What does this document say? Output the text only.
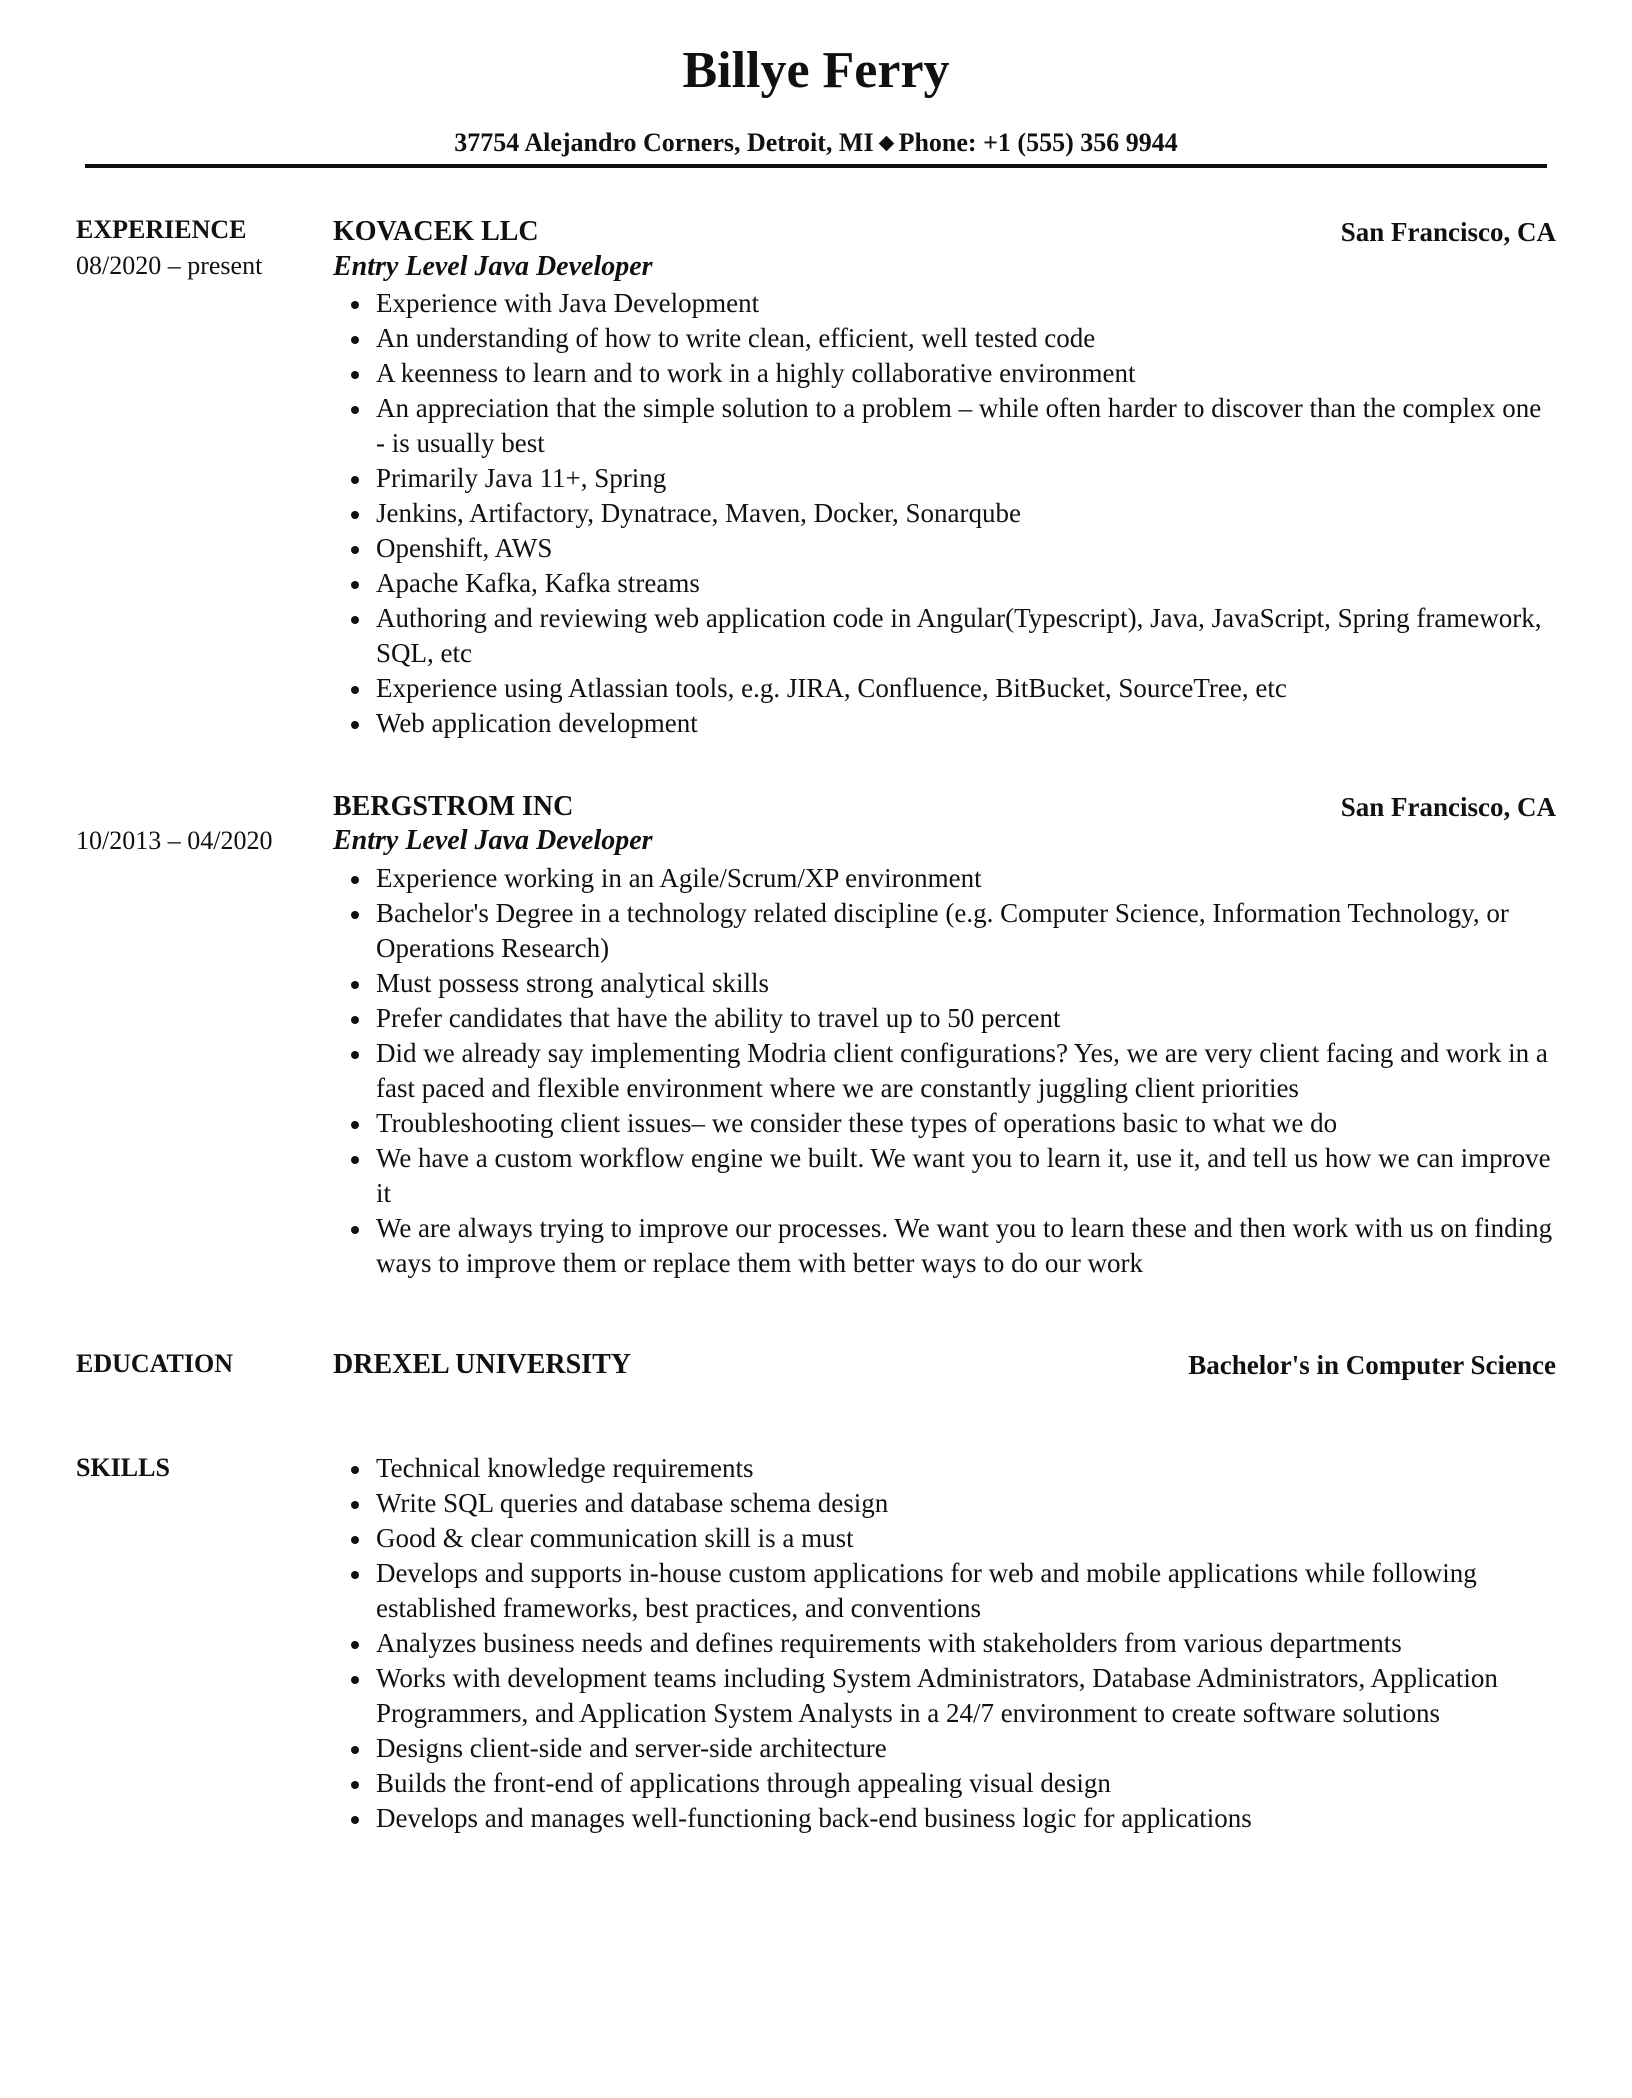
Billye Ferry
37754 Alejandro Corners, Detroit, MI Phone: +1 (555) 356 9944
EXPERIENCE
08/2020 – present
KOVACEK LLC	San Francisco, CA
Entry Level Java Developer
Experience with Java Development
An understanding of how to write clean, efficient, well tested code
A keenness to learn and to work in a highly collaborative environment
An appreciation that the simple solution to a problem – while often harder to discover than the complex one - is usually best
Primarily Java 11+, Spring
Jenkins, Artifactory, Dynatrace, Maven, Docker, Sonarqube
Openshift, AWS
Apache Kafka, Kafka streams
Authoring and reviewing web application code in Angular(Typescript), Java, JavaScript, Spring framework, SQL, etc
Experience using Atlassian tools, e.g. JIRA, Confluence, BitBucket, SourceTree, etc
Web application development
BERGSTROM INC	San Francisco, CA
10/2013 – 04/2020 Entry Level Java Developer
Experience working in an Agile/Scrum/XP environment
Bachelor's Degree in a technology related discipline (e.g. Computer Science, Information Technology, or Operations Research)
Must possess strong analytical skills
Prefer candidates that have the ability to travel up to 50 percent
Did we already say implementing Modria client configurations? Yes, we are very client facing and work in a fast paced and flexible environment where we are constantly juggling client priorities
Troubleshooting client issues– we consider these types of operations basic to what we do
We have a custom workflow engine we built. We want you to learn it, use it, and tell us how we can improve it
We are always trying to improve our processes. We want you to learn these and then work with us on finding ways to improve them or replace them with better ways to do our work
EDUCATION	DREXEL UNIVERSITY	Bachelor's in Computer Science
SKILLS	Technical knowledge requirements
Write SQL queries and database schema design
Good & clear communication skill is a must
Develops and supports in-house custom applications for web and mobile applications while following established frameworks, best practices, and conventions
Analyzes business needs and defines requirements with stakeholders from various departments
Works with development teams including System Administrators, Database Administrators, Application Programmers, and Application System Analysts in a 24/7 environment to create software solutions
Designs client-side and server-side architecture
Builds the front-end of applications through appealing visual design
Develops and manages well-functioning back-end business logic for applications
